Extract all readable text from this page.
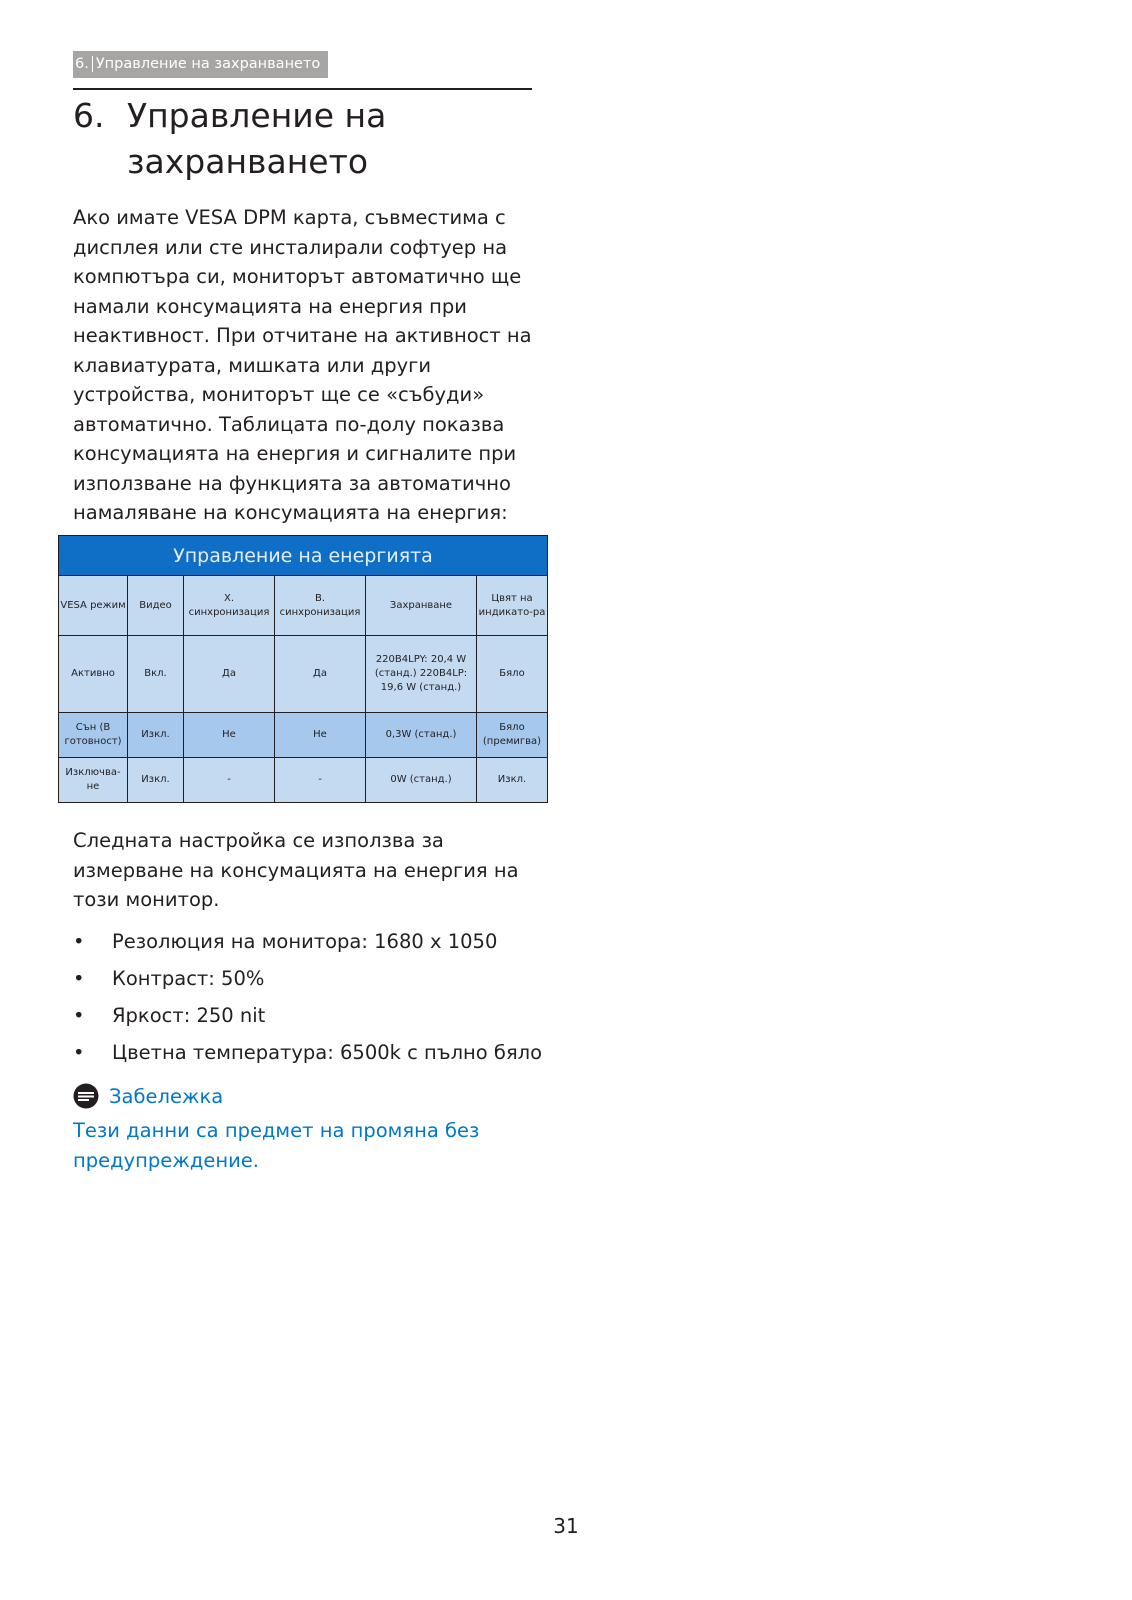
6. Управление на захранването
6. Управление на захранването

Ако имате VESA DPM карта, съвместима с дисплея или сте инсталирали софтуер на компютъра си, мониторът автоматично ще намали консумацията на енергия при неактивност. При отчитане на активност на клавиатурата, мишката или други устройства, мониторът ще се «събуди» автоматично. Таблицата по-долу показва консумацията на енергия и сигналите при използване на функцията за автоматично намаляване на консумацията на енергия:

Управление на енергията					
VESA режим	Видео	Х. синхронизация	В. синхронизация	Захранване	Цвят на индикато-ра
Активно	Вкл.	Да	Да	220B4LPY: 20,4 W (станд.) 220B4LP: 19,6 W (станд.)	Бяло
Сън (В готовност)	Изкл.	Не	Не	0,3W (станд.)	Бяло (премигва)
Изключва-не	Изкл.	-	-	0W (станд.)	Изкл.

Следната настройка се използва за измерване на консумацията на енергия на този монитор.

• Резолюция на монитора: 1680 x 1050
• Контраст: 50%
• Яркост: 250 nit
• Цветна температура: 6500k с пълно бяло
Забележка

Тези данни са предмет на промяна без предупреждение.

31
